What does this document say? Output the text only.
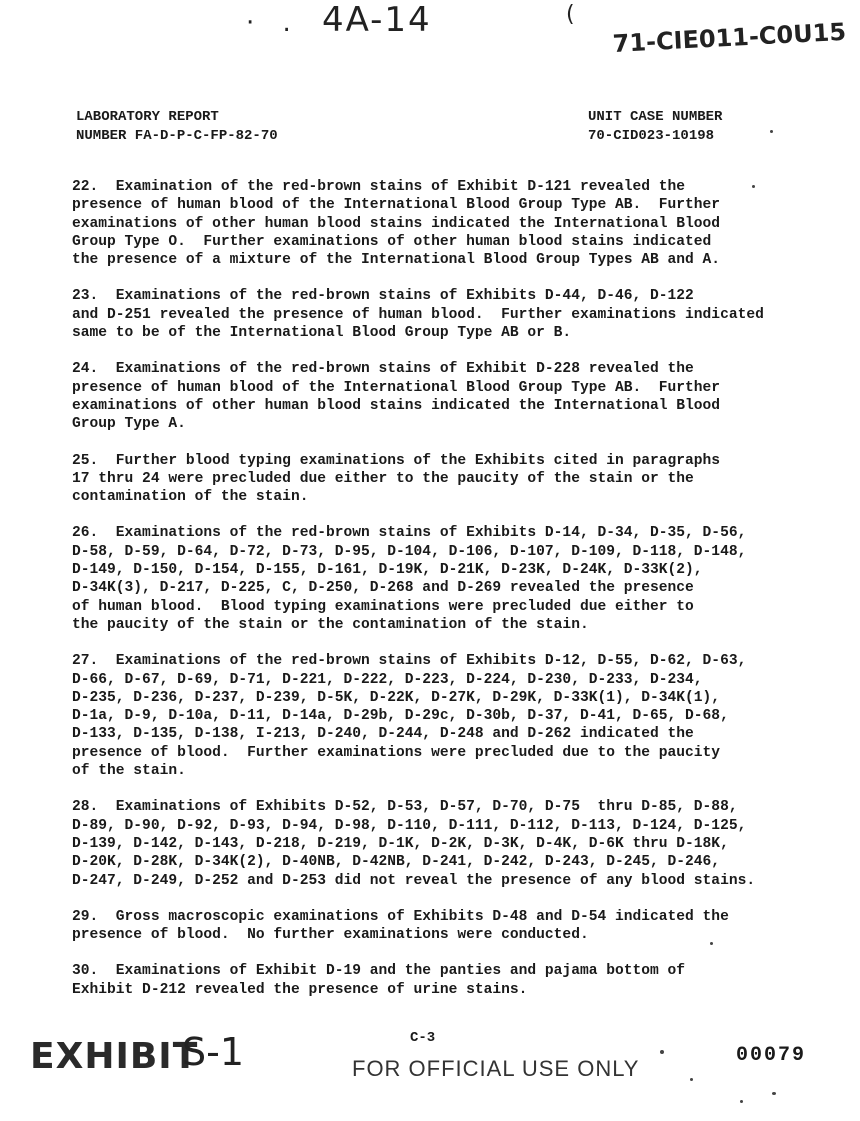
· . 4A-14	(
71-CIE011-C0U15
LABORATORY REPORT
NUMBER FA-D-P-C-FP-82-70
UNIT CASE NUMBER
70-CID023-10198
22.  Examination of the red-brown stains of Exhibit D-121 revealed the
presence of human blood of the International Blood Group Type AB.  Further
examinations of other human blood stains indicated the International Blood
Group Type O.  Further examinations of other human blood stains indicated
the presence of a mixture of the International Blood Group Types AB and A.
23.  Examinations of the red-brown stains of Exhibits D-44, D-46, D-122
and D-251 revealed the presence of human blood.  Further examinations indicated
same to be of the International Blood Group Type AB or B.
24.  Examinations of the red-brown stains of Exhibit D-228 revealed the
presence of human blood of the International Blood Group Type AB.  Further
examinations of other human blood stains indicated the International Blood
Group Type A.
25.  Further blood typing examinations of the Exhibits cited in paragraphs
17 thru 24 were precluded due either to the paucity of the stain or the
contamination of the stain.
26.  Examinations of the red-brown stains of Exhibits D-14, D-34, D-35, D-56,
D-58, D-59, D-64, D-72, D-73, D-95, D-104, D-106, D-107, D-109, D-118, D-148,
D-149, D-150, D-154, D-155, D-161, D-19K, D-21K, D-23K, D-24K, D-33K(2),
D-34K(3), D-217, D-225, C, D-250, D-268 and D-269 revealed the presence
of human blood.  Blood typing examinations were precluded due either to
the paucity of the stain or the contamination of the stain.
27.  Examinations of the red-brown stains of Exhibits D-12, D-55, D-62, D-63,
D-66, D-67, D-69, D-71, D-221, D-222, D-223, D-224, D-230, D-233, D-234,
D-235, D-236, D-237, D-239, D-5K, D-22K, D-27K, D-29K, D-33K(1), D-34K(1),
D-1a, D-9, D-10a, D-11, D-14a, D-29b, D-29c, D-30b, D-37, D-41, D-65, D-68,
D-133, D-135, D-138, I-213, D-240, D-244, D-248 and D-262 indicated the
presence of blood.  Further examinations were precluded due to the paucity
of the stain.
28.  Examinations of Exhibits D-52, D-53, D-57, D-70, D-75  thru D-85, D-88,
D-89, D-90, D-92, D-93, D-94, D-98, D-110, D-111, D-112, D-113, D-124, D-125,
D-139, D-142, D-143, D-218, D-219, D-1K, D-2K, D-3K, D-4K, D-6K thru D-18K,
D-20K, D-28K, D-34K(2), D-40NB, D-42NB, D-241, D-242, D-243, D-245, D-246,
D-247, D-249, D-252 and D-253 did not reveal the presence of any blood stains.
29.  Gross macroscopic examinations of Exhibits D-48 and D-54 indicated the
presence of blood.  No further examinations were conducted.
30.  Examinations of Exhibit D-19 and the panties and pajama bottom of
Exhibit D-212 revealed the presence of urine stains.
EXHIBIT
S-1	C-3
FOR OFFICIAL USE ONLY
00079
